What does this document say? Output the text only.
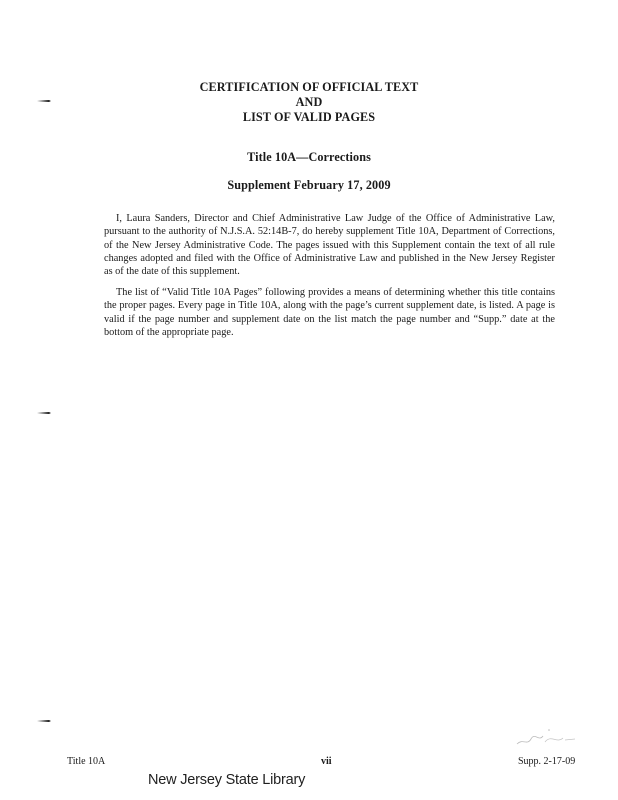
CERTIFICATION OF OFFICIAL TEXT
AND
LIST OF VALID PAGES
Title 10A—Corrections
Supplement February 17, 2009

I, Laura Sanders, Director and Chief Administrative Law Judge of the Office of Administrative Law, pursuant to the authority of N.J.S.A. 52:14B-7, do hereby supplement Title 10A, Department of Corrections, of the New Jersey Administrative Code. The pages issued with this Supplement contain the text of all rule changes adopted and filed with the Office of Administrative Law and published in the New Jersey Register as of the date of this supplement.

The list of “Valid Title 10A Pages” following provides a means of determining whether this title contains the proper pages. Every page in Title 10A, along with the page’s current supplement date, is listed. A page is valid if the page number and supplement date on the list match the page number and “Supp.” date at the bottom of the appropriate page.

Title 10A	vii	Supp. 2-17-09
New Jersey State Library
